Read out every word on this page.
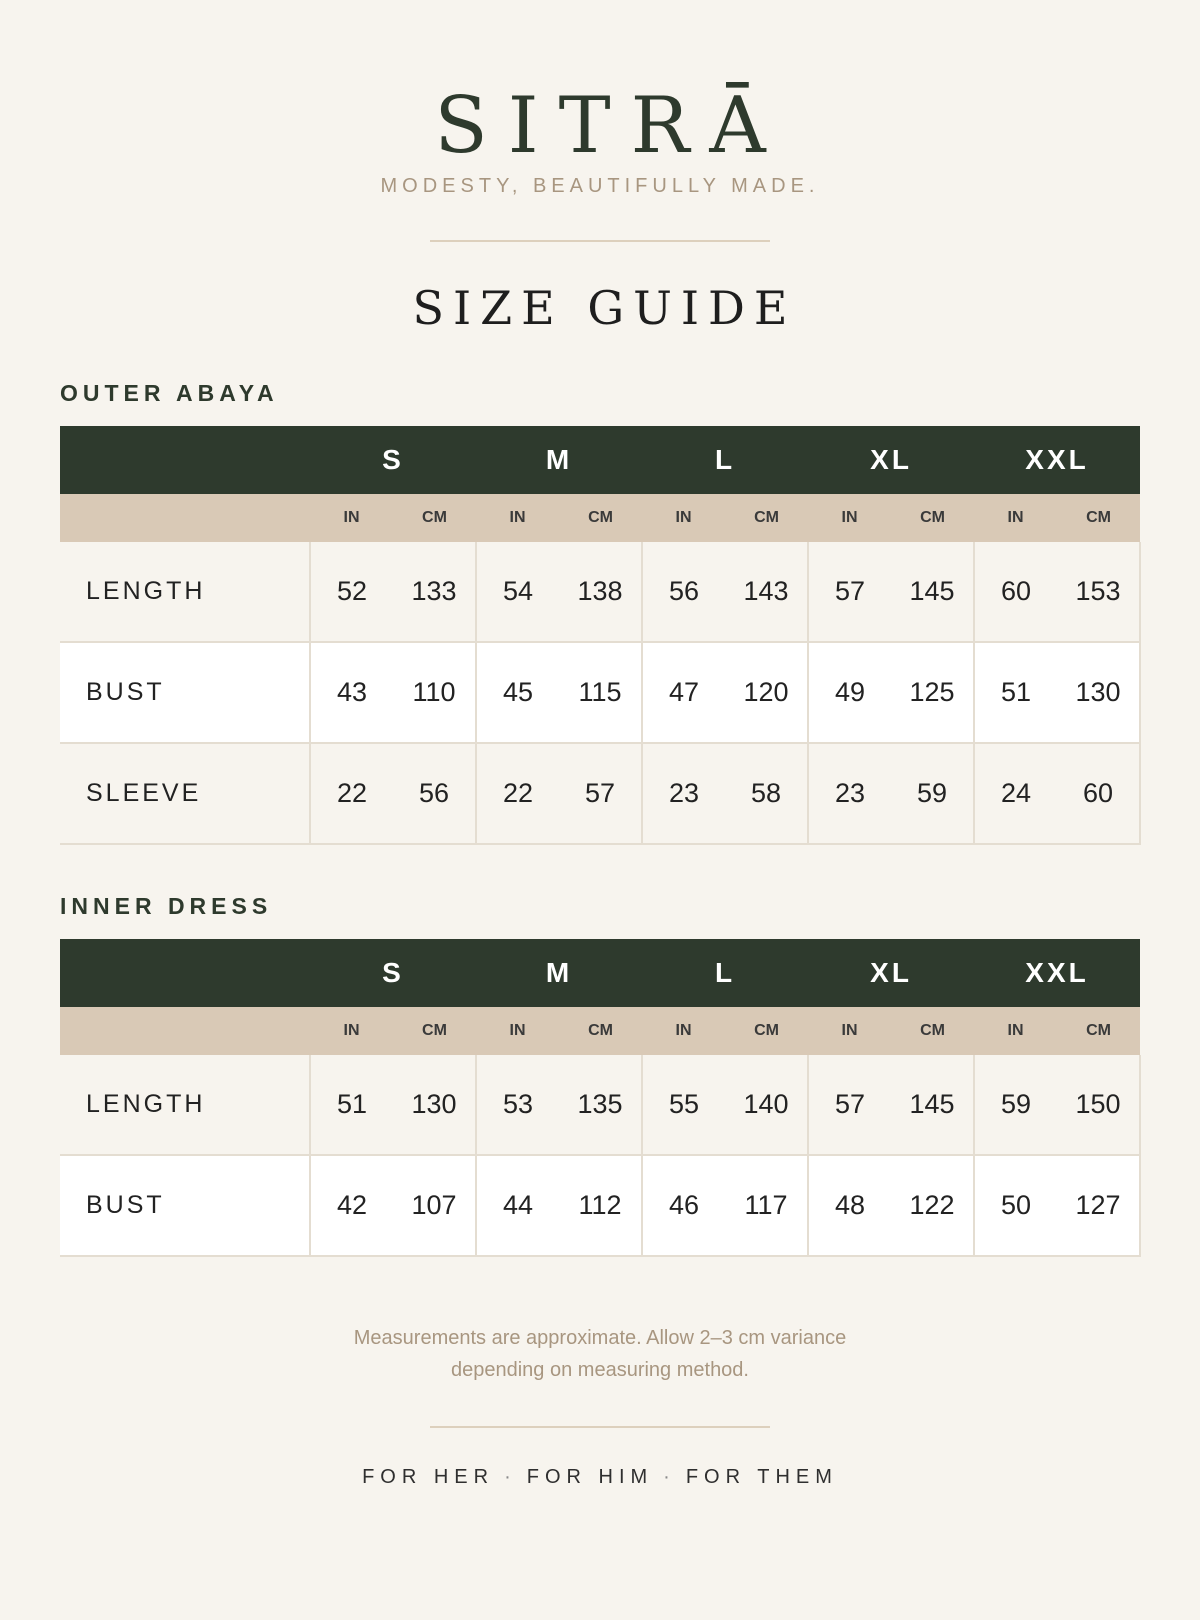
SITRĀ
MODESTY, BEAUTIFULLY MADE.
SIZE GUIDE
OUTER ABAYA
	S		M		L		XL		XXL	
	IN	CM	IN	CM	IN	CM	IN	CM	IN	CM
LENGTH	52	133	54	138	56	143	57	145	60	153
BUST	43	110	45	115	47	120	49	125	51	130
SLEEVE	22	56	22	57	23	58	23	59	24	60
INNER DRESS
	S		M		L		XL		XXL	
	IN	CM	IN	CM	IN	CM	IN	CM	IN	CM
LENGTH	51	130	53	135	55	140	57	145	59	150
BUST	42	107	44	112	46	117	48	122	50	127
Measurements are approximate. Allow 2–3 cm variance
depending on measuring method.
FOR HER · FOR HIM · FOR THEM
